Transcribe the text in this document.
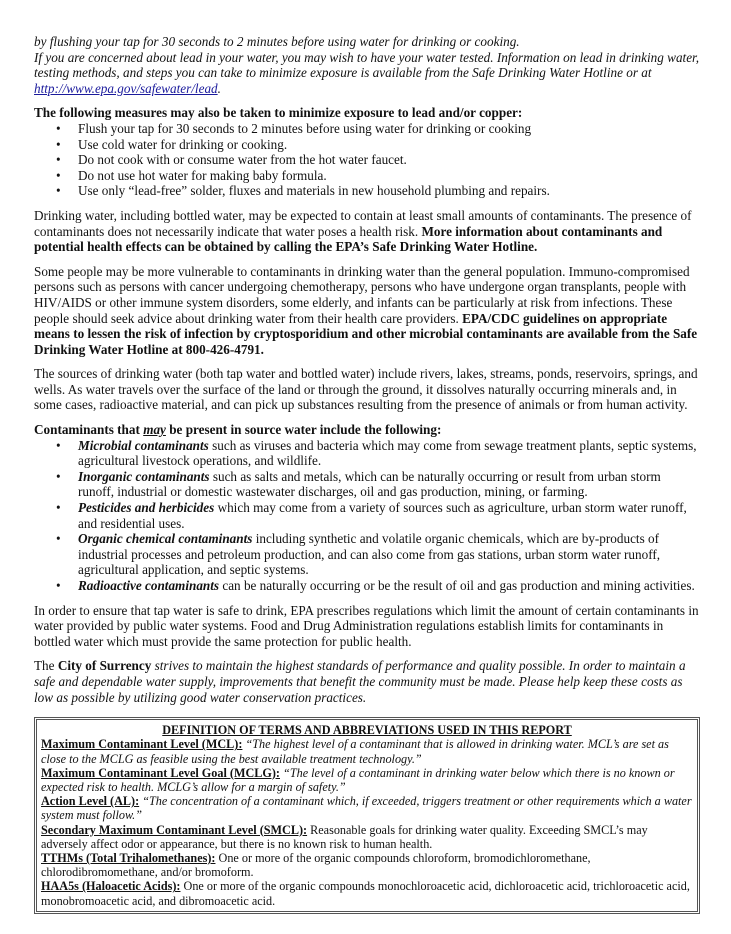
by flushing your tap for 30 seconds to 2 minutes before using water for drinking or cooking.
If you are concerned about lead in your water, you may wish to have your water tested. Information on lead in drinking water, testing methods, and steps you can take to minimize exposure is available from the Safe Drinking Water Hotline or at
http://www.epa.gov/safewater/lead.

The following measures may also be taken to minimize exposure to lead and/or copper:

• Flush your tap for 30 seconds to 2 minutes before using water for drinking or cooking
• Use cold water for drinking or cooking.
• Do not cook with or consume water from the hot water faucet.
• Do not use hot water for making baby formula.
• Use only “lead-free” solder, fluxes and materials in new household plumbing and repairs.

Drinking water, including bottled water, may be expected to contain at least small amounts of contaminants. The presence of contaminants does not necessarily indicate that water poses a health risk. More information about contaminants and potential health effects can be obtained by calling the EPA’s Safe Drinking Water Hotline.

Some people may be more vulnerable to contaminants in drinking water than the general population. Immuno-compromised persons such as persons with cancer undergoing chemotherapy, persons who have undergone organ transplants, people with HIV/AIDS or other immune system disorders, some elderly, and infants can be particularly at risk from infections. These people should seek advice about drinking water from their health care providers. EPA/CDC guidelines on appropriate means to lessen the risk of infection by cryptosporidium and other microbial contaminants are available from the Safe Drinking Water Hotline at 800-426-4791.

The sources of drinking water (both tap water and bottled water) include rivers, lakes, streams, ponds, reservoirs, springs, and wells. As water travels over the surface of the land or through the ground, it dissolves naturally occurring minerals and, in some cases, radioactive material, and can pick up substances resulting from the presence of animals or from human activity.

Contaminants that may be present in source water include the following:

• Microbial contaminants such as viruses and bacteria which may come from sewage treatment plants, septic systems, agricultural livestock operations, and wildlife.
• Inorganic contaminants such as salts and metals, which can be naturally occurring or result from urban storm runoff, industrial or domestic wastewater discharges, oil and gas production, mining, or farming.
• Pesticides and herbicides which may come from a variety of sources such as agriculture, urban storm water runoff, and residential uses.
• Organic chemical contaminants including synthetic and volatile organic chemicals, which are by-products of industrial processes and petroleum production, and can also come from gas stations, urban storm water runoff, agricultural application, and septic systems.
• Radioactive contaminants can be naturally occurring or be the result of oil and gas production and mining activities.

In order to ensure that tap water is safe to drink, EPA prescribes regulations which limit the amount of certain contaminants in water provided by public water systems. Food and Drug Administration regulations establish limits for contaminants in bottled water which must provide the same protection for public health.

The City of Surrency strives to maintain the highest standards of performance and quality possible. In order to maintain a safe and dependable water supply, improvements that benefit the community must be made. Please help keep these costs as low as possible by utilizing good water conservation practices.

DEFINITION OF TERMS AND ABBREVIATIONS USED IN THIS REPORT

Maximum Contaminant Level (MCL): “The highest level of a contaminant that is allowed in drinking water. MCL’s are set as close to the MCLG as feasible using the best available treatment technology.”

Maximum Contaminant Level Goal (MCLG): “The level of a contaminant in drinking water below which there is no known or expected risk to health. MCLG’s allow for a margin of safety.”

Action Level (AL): “The concentration of a contaminant which, if exceeded, triggers treatment or other requirements which a water system must follow.”

Secondary Maximum Contaminant Level (SMCL): Reasonable goals for drinking water quality. Exceeding SMCL’s may adversely affect odor or appearance, but there is no known risk to human health.

TTHMs (Total Trihalomethanes): One or more of the organic compounds chloroform, bromodichloromethane, chlorodibromomethane, and/or bromoform.

HAA5s (Haloacetic Acids): One or more of the organic compounds monochloroacetic acid, dichloroacetic acid, trichloroacetic acid, monobromoacetic acid, and dibromoacetic acid.
